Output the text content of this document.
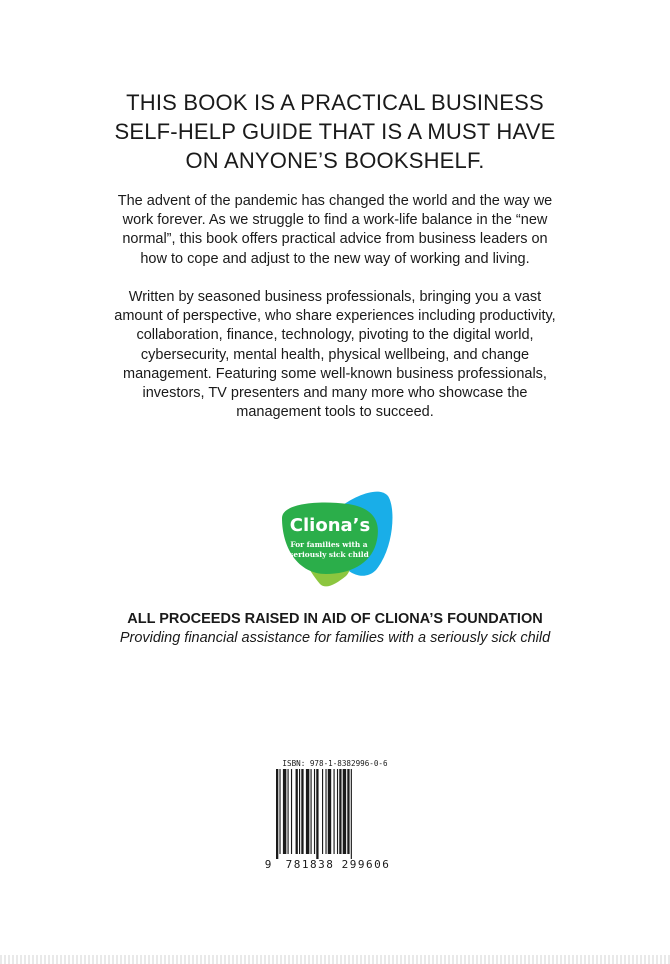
THIS BOOK IS A PRACTICAL BUSINESS
SELF-HELP GUIDE THAT IS A MUST HAVE
ON ANYONE’S BOOKSHELF.

The advent of the pandemic has changed the world and the way we
work forever. As we struggle to find a work-life balance in the “new
normal”, this book offers practical advice from business leaders on
how to cope and adjust to the new way of working and living.

Written by seasoned business professionals, bringing you a vast
amount of perspective, who share experiences including productivity,
collaboration, finance, technology, pivoting to the digital world,
cybersecurity, mental health, physical wellbeing, and change
management. Featuring some well-known business professionals,
investors, TV presenters and many more who showcase the
management tools to succeed.

Cliona’s
For families with a
seriously sick child
ALL PROCEEDS RAISED IN AID OF CLIONA’S FOUNDATION
Providing financial assistance for families with a seriously sick child
ISBN: 978-1-8382996-0-6
9 781838 299606
